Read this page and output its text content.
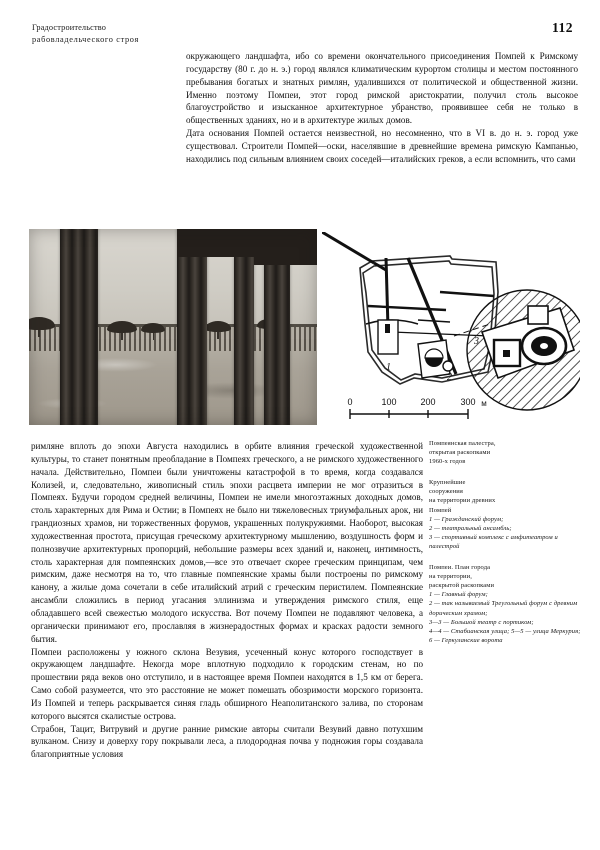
Градостроительство
рабовладельческого строя
112

окружающего ландшафта, ибо со времени окончательного присоединения Помпей к Римскому государству (80 г. до н. э.) город являлся климатическим курортом столицы и местом постоянного пребывания богатых и знатных римлян, удалившихся от политической и общественной жизни. Именно поэтому Помпеи, этот город римской аристократии, получил столь высокое благоустройство и изысканное архитектурное убранство, проявившее себя не только в общественных зданиях, но и в архитектуре жилых домов.

Дата основания Помпей остается неизвестной, но несомненно, что в VI в. до н. э. город уже существовал. Строители Помпей—оски, населявшие в древнейшие времена римскую Кампанью, находились под сильным влиянием своих соседей—италийских греков, а если вспомнить, что сами

1
2
0	100	200	300 м

римляне вплоть до эпохи Августа находились в орбите влияния греческой художественной культуры, то станет понятным преобладание в Помпеях греческого, а не римского художественного начала. Действительно, Помпеи были уничтожены катастрофой в то время, когда создавался Колизей, и, следовательно, живописный стиль эпохи расцвета империи не мог отразиться в Помпеях. Будучи городом средней величины, Помпеи не имели многоэтажных доходных домов, столь характерных для Рима и Остии; в Помпеях не было ни тяжеловесных триумфальных арок, ни грандиозных храмов, ни торжественных форумов, украшенных полукружиями. Наоборот, высокая художественная простота, присущая греческому архитектурному мышлению, воздушность форм и полнозвучие архитектурных пропорций, небольшие размеры всех зданий и, наконец, интимность, столь характерная для помпеянских домов,—все это отвечает скорее греческим принципам, чем римским, даже несмотря на то, что главные помпеянские храмы были построены по римскому канону, а жилые дома сочетали в себе италийский атрий с греческим перистилем. Помпеянские ансамбли сложились в период угасания эллинизма и утверждения римского стиля, еще обладавшего всей свежестью молодого искусства. Вот почему Помпеи не подавляют человека, а органически принимают его, прославляя в жизнерадостных формах и красках радости земного бытия.

Помпеи расположены у южного склона Везувия, усеченный конус которого господствует в окружающем ландшафте. Некогда море вплотную подходило к городским стенам, но по прошествии ряда веков оно отступило, и в настоящее время Помпеи находятся в 1,5 км от берега. Само собой разумеется, что это расстояние не может помешать обозримости морского горизонта. Из Помпей и теперь раскрывается синяя гладь обширного Неаполитанского залива, по сторонам которого высятся скалистые острова.

Страбон, Тацит, Витрувий и другие ранние римские авторы считали Везувий давно потухшим вулканом. Снизу и доверху гору покрывали леса, а плодородная почва у подножия горы создавала благоприятные условия

Помпеянская палестра,
открытая раскопками
1960-х годов
Крупнейшие
сооружения
на территории древних
Помпей
1 — Гражданский форум;
2 — театральный ансамбль;
3 — спортивный комплекс с амфитеатром и палестрой
Помпеи. План города
на территории,
раскрытой раскопками
1 — Главный форум;
2 — так называемый Треугольный форум с древним дорическим храмом;
3—3 — Большой театр с портиком;
4—4 — Стабианская улица; 5—5 — улица Меркурия;
6 — Геркуланские ворота
